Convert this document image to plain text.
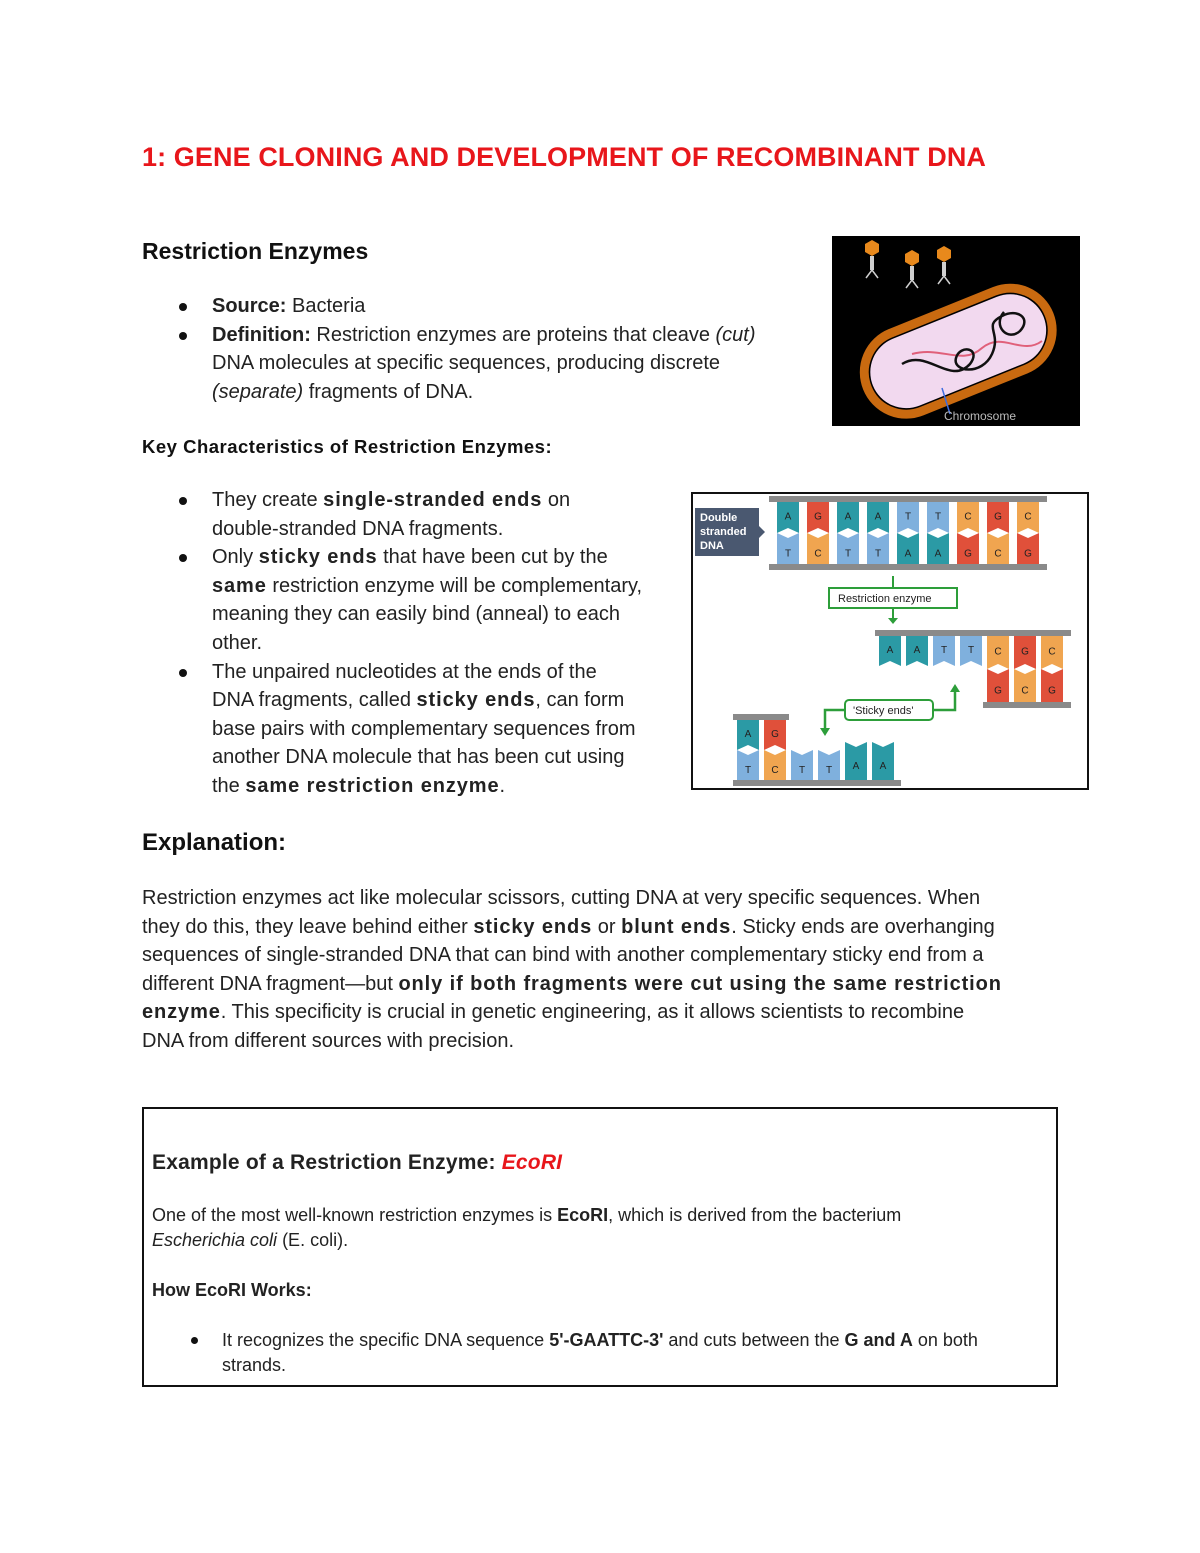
1: GENE CLONING AND DEVELOPMENT OF RECOMBINANT DNA
Restriction Enzymes
Source: Bacteria
Definition: Restriction enzymes are proteins that cleave (cut)
DNA molecules at specific sequences, producing discrete
(separate) fragments of DNA.
Chromosome
Key Characteristics of Restriction Enzymes:
They create single-stranded ends on
double-stranded DNA fragments.
Only sticky ends that have been cut by the
same restriction enzyme will be complementary,
meaning they can easily bind (anneal) to each
other.
The unpaired nucleotides at the ends of the
DNA fragments, called sticky ends, can form
base pairs with complementary sequences from
another DNA molecule that has been cut using
the same restriction enzyme.
Double
stranded
DNA
A G A A T T C G C
T C T T A A G C G
Restriction enzyme
A A T T C G C
G C G
'Sticky ends'
A G
T C T T A A
Explanation:
Restriction enzymes act like molecular scissors, cutting DNA at very specific sequences. When
they do this, they leave behind either sticky ends or blunt ends. Sticky ends are overhanging
sequences of single-stranded DNA that can bind with another complementary sticky end from a
different DNA fragment—but only if both fragments were cut using the same restriction
enzyme. This specificity is crucial in genetic engineering, as it allows scientists to recombine
DNA from different sources with precision.
Example of a Restriction Enzyme: EcoRI
One of the most well-known restriction enzymes is EcoRI, which is derived from the bacterium
Escherichia coli (E. coli).
How EcoRI Works:
It recognizes the specific DNA sequence 5'-GAATTC-3' and cuts between the G and A on both
strands.
